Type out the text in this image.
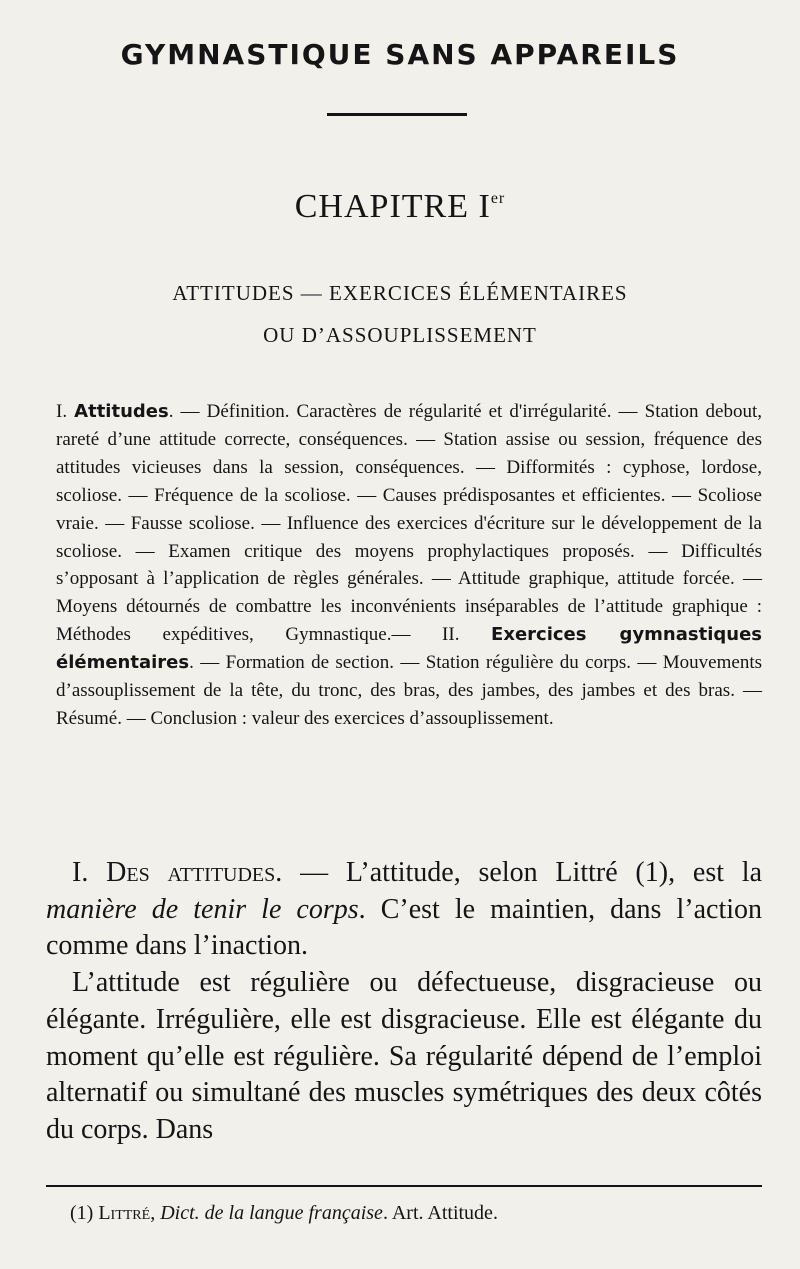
GYMNASTIQUE SANS APPAREILS
CHAPITRE Ier
ATTITUDES — EXERCICES ÉLÉMENTAIRES
OU D’ASSOUPLISSEMENT
I. Attitudes. — Définition. Caractères de régularité et d'irrégularité. — Station debout, rareté d’une attitude correcte, conséquences. — Station assise ou session, fréquence des attitudes vicieuses dans la session, conséquences. — Difformités : cyphose, lordose, scoliose. — Fréquence de la scoliose. — Causes prédisposantes et efficientes. — Scoliose vraie. — Fausse scoliose. — Influence des exercices d'écriture sur le développement de la scoliose. — Examen critique des moyens prophylactiques proposés. — Difficultés s’opposant à l’application de règles générales. — Attitude graphique, attitude forcée. — Moyens détournés de combattre les inconvénients inséparables de l’attitude graphique : Méthodes expéditives, Gymnastique.— II. Exercices gymnastiques élémentaires. — Formation de section. — Station régulière du corps. — Mouvements d’assouplissement de la tête, du tronc, des bras, des jambes, des jambes et des bras. — Résumé. — Conclusion : valeur des exercices d’assouplissement.

I. Des attitudes. — L’attitude, selon Littré (1), est la manière de tenir le corps. C’est le maintien, dans l’action comme dans l’inaction.

L’attitude est régulière ou défectueuse, disgracieuse ou élégante. Irrégulière, elle est disgracieuse. Elle est élégante du moment qu’elle est régulière. Sa régularité dépend de l’emploi alternatif ou simultané des muscles symétriques des deux côtés du corps. Dans

(1) Littré, Dict. de la langue française. Art. Attitude.
